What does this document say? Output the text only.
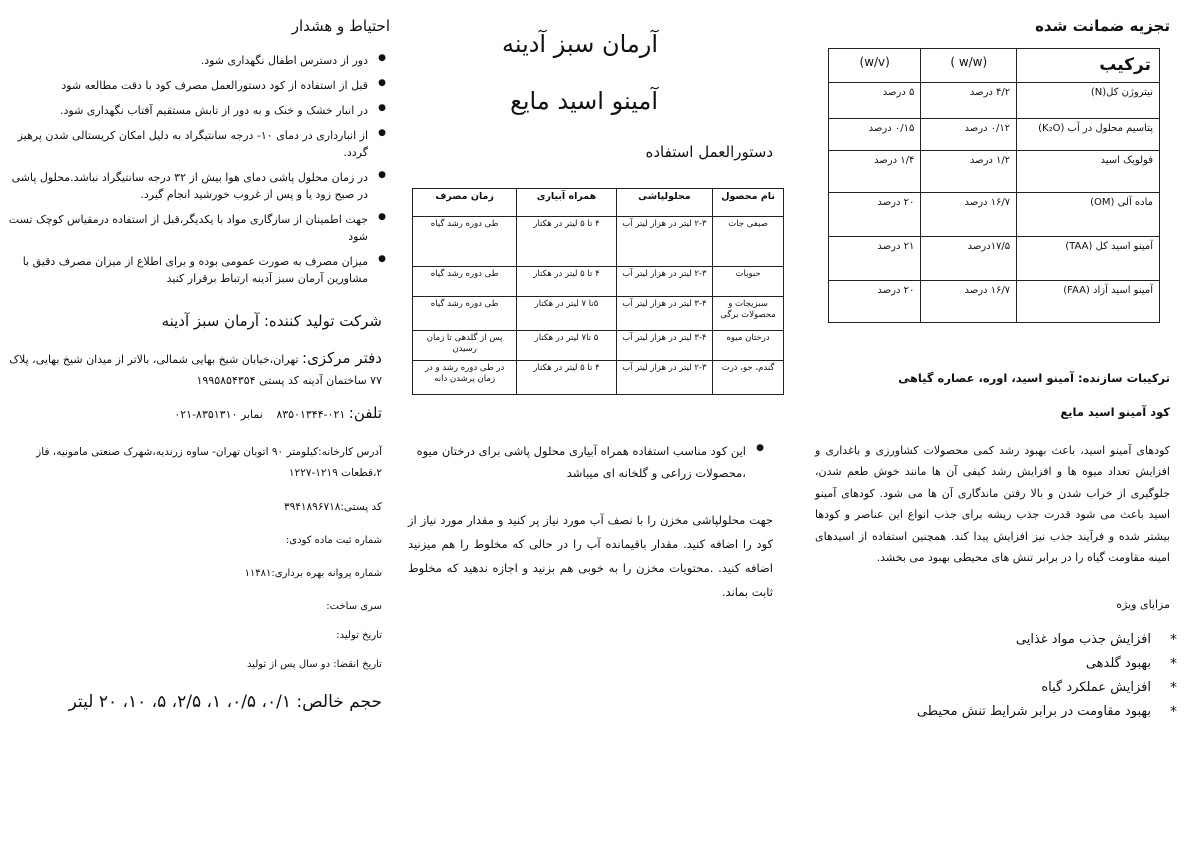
تجزیه ضمانت شده
ترکیب	(w/w )	(w/v)
نیتروژن کل(N)	۴/۲ درصد	۵ درصد
پتاسیم محلول در آب (K₂O)	۰/۱۲ درصد	۰/۱۵ درصد
فولویک اسید	۱/۲ درصد	۱/۴ درصد
ماده آلی (OM)	۱۶/۷ درصد	۲۰ درصد
آمینو اسید کل (TAA)	۱۷/۵درصد	۲۱ درصد
آمینو اسید آزاد (FAA)	۱۶/۷ درصد	۲۰ درصد
ترکیبات سازنده: آمینو اسید، اوره، عصاره گیاهی
کود آمینو اسید مایع

کودهای آمینو اسید، باعث بهبود رشد کمی محصولات کشاورزی و باغداری و افزایش تعداد میوه ها و افزایش رشد کیفی آن ها مانند خوش طعم شدن، جلوگیری از خراب شدن و بالا رفتن ماندگاری آن ها می شود. کودهای آمینو اسید باعث می شود قدرت جذب ریشه برای جذب انواع این عناصر و کودها بیشتر شده و فرآیند جذب نیز افزایش پیدا کند. همچنین استفاده از اسیدهای امینه مقاومت گیاه را در برابر تنش های محیطی بهبود می بخشد.

مزایای ویژه
* افزایش جذب مواد غذایی
* بهبود گلدهی
* افزایش عملکرد گیاه
* بهبود مقاومت در برابر شرایط تنش محیطی
آرمان سبز آدینه
آمینو اسید مایع
دستورالعمل استفاده
نام محصول	محلولپاشی	همراه آبیاری	زمان مصرف
صیفی جات	۲-۳ لیتر در هزار لیتر آب	۴ تا ۵ لیتر در هکتار	طی دوره رشد گیاه
حبوبات	۲-۳ لیتر در هزار لیتر آب	۴ تا ۵ لیتر در هکتار	طی دوره رشد گیاه
سبزیجات و محصولات برگی	۳-۴ لیتر در هزار لیتر آب	۵تا ۷ لیتر در هکتار	طی دوره رشد گیاه
درختان میوه	۳-۴ لیتر در هزار لیتر آب	۵ تا۷ لیتر در هکتار	پس از گلدهی تا زمان رسیدن
گندم، جو، ذرت	۲-۳ لیتر در هزار لیتر آب	۴ تا ۵ لیتر در هکتار	در طی دوره رشد و در زمان پرشدن دانه
● این کود مناسب استفاده همراه آبیاری محلول پاشی برای درختان میوه ،محصولات زراعی و گلخانه ای میباشد

جهت محلولپاشی مخزن را با نصف آب مورد نیاز پر کنید و مقدار مورد نیاز از کود را اضافه کنید. مقدار باقیمانده آب را در حالی که مخلوط را هم میزنید اضافه کنید. .محتویات مخزن را به خوبی هم بزنید و اجازه ندهید که مخلوط ثابت بماند.

احتیاط و هشدار
● دور از دسترس اطفال نگهداری شود.
● قبل از استفاده از کود دستورالعمل مصرف کود با دقت مطالعه شود
● در انبار خشک و خنک و به دور از تابش مستقیم آفتاب نگهداری شود.
● از انبارداری در دمای ۱۰- درجه سانتیگراد به دلیل امکان کریستالی شدن پرهیز گردد.
● در زمان محلول پاشی دمای هوا بیش از ۳۲ درجه سانتیگراد نباشد.محلول پاشی در صبح زود یا و پس از غروب خورشید انجام گیرد.
● جهت اطمینان از سازگاری مواد با یکدیگر،قبل از استفاده درمقیاس کوچک تست شود
● میزان مصرف به صورت عمومی بوده و برای اطلاع از میزان مصرف دقیق با مشاورین آرمان سبز آدینه ارتباط برقرار کنید
شرکت تولید کننده: آرمان سبز آدینه
دفتر مرکزی: تهران،خیابان شیخ بهایی شمالی، بالاتر از میدان شیخ بهایی، پلاک ۷۷ ساختمان آدینه کد پستی ۱۹۹۵۸۵۴۳۵۴
تلفن: ۰۲۱-۸۳۵۰۱۳۴۴ نمابر ۸۳۵۱۳۱۰-۰۲۱

آدرس کارخانه:کیلومتر ۹۰ اتوبان تهران- ساوه زرندیه،شهرک صنعتی مامونیه، فاز ۲،قطعات ۱۲۱۹-۱۲۲۷

کد پستی:۳۹۴۱۸۹۶۷۱۸
شماره ثبت ماده کودی:
شماره پروانه بهره برداری:۱۱۴۸۱
سری ساخت:
تاریخ تولید:
تاریخ انقضا: دو سال پس از تولید
حجم خالص: ۰/۱، ۰/۵، ۱، ۲/۵، ۵، ۱۰، ۲۰ لیتر
